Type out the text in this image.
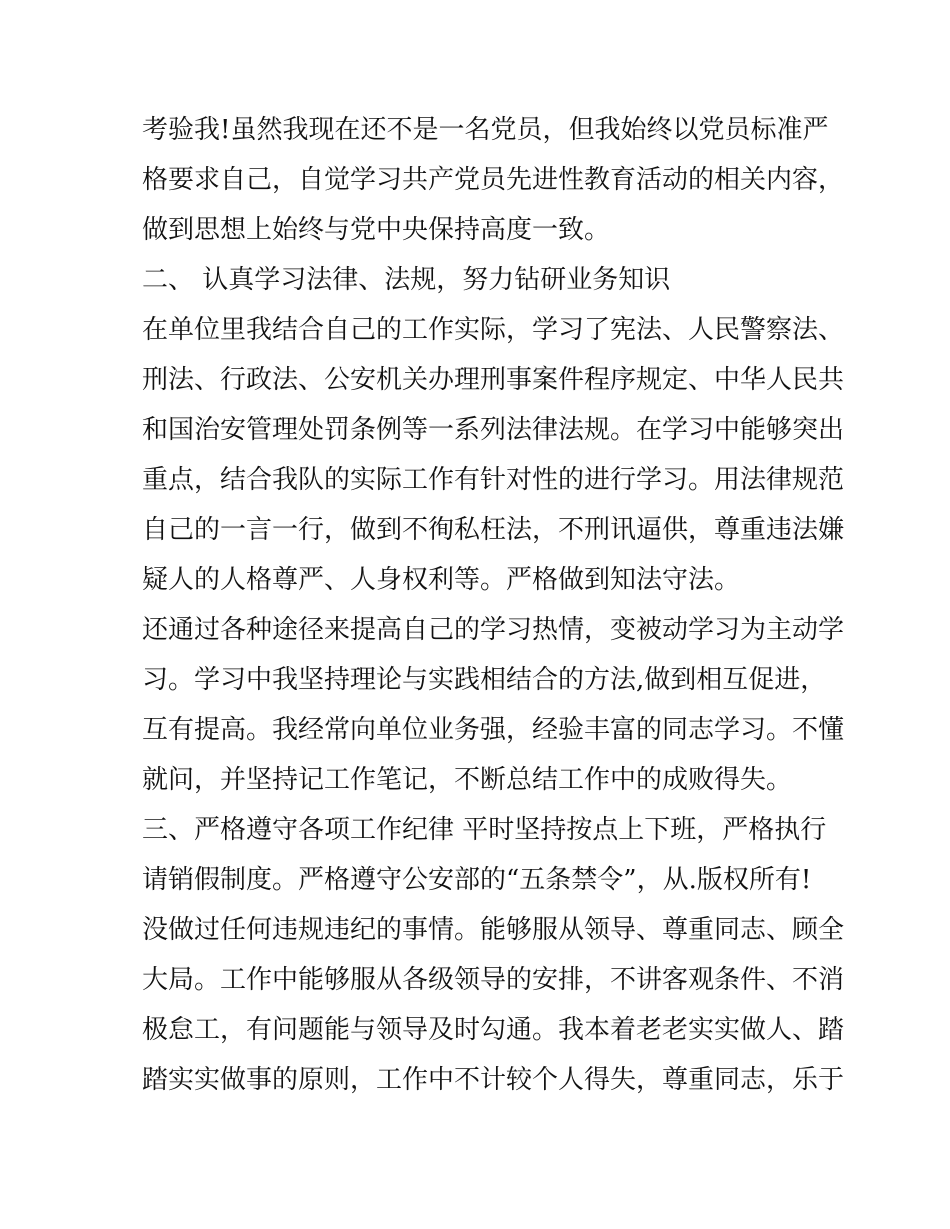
考验我!虽然我现在还不是一名党员，但我始终以党员标准严
格要求自己，自觉学习共产党员先进性教育活动的相关内容，
做到思想上始终与党中央保持高度一致。
二、 认真学习法律、法规，努力钻研业务知识
在单位里我结合自己的工作实际，学习了宪法、人民警察法、
刑法、行政法、公安机关办理刑事案件程序规定、中华人民共
和国治安管理处罚条例等一系列法律法规。在学习中能够突出
重点，结合我队的实际工作有针对性的进行学习。用法律规范
自己的一言一行，做到不徇私枉法，不刑讯逼供，尊重违法嫌
疑人的人格尊严、人身权利等。严格做到知法守法。
还通过各种途径来提高自己的学习热情，变被动学习为主动学
习。学习中我坚持理论与实践相结合的方法,做到相互促进，
互有提高。我经常向单位业务强，经验丰富的同志学习。不懂
就问，并坚持记工作笔记，不断总结工作中的成败得失。
三、严格遵守各项工作纪律 平时坚持按点上下班，严格执行
请销假制度。严格遵守公安部的“五条禁令”，从.版权所有!
没做过任何违规违纪的事情。能够服从领导、尊重同志、顾全
大局。工作中能够服从各级领导的安排，不讲客观条件、不消
极怠工，有问题能与领导及时勾通。我本着老老实实做人、踏
踏实实做事的原则，工作中不计较个人得失，尊重同志，乐于
